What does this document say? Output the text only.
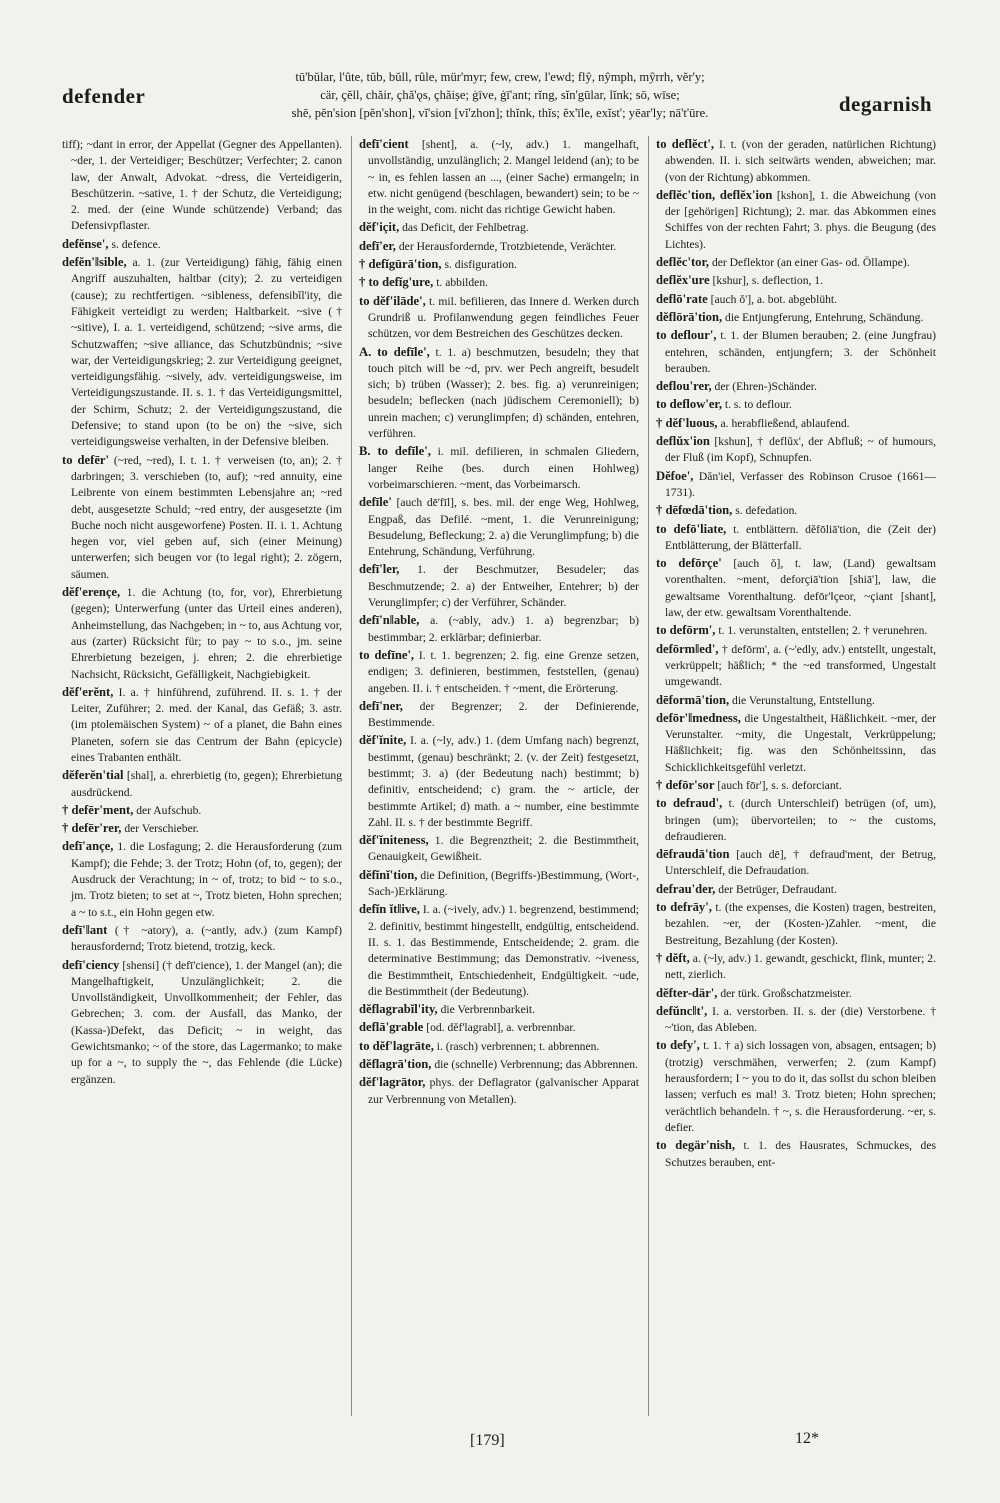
defender
tū'bŭlar, l'ûte, tŭb, bŭll, rûle, mür'myr; few, crew, l'ewd; flŷ, nŷmph, mŷrrh, vĕr'y;
cär, çĕll, chăir, çhă'ǫs, çhăiṣe; ġīve, ġī'ant; rĭng, sĭn'gūlar, lĭnk; sō, wīse;
shē, pĕn'sion [pĕn'shon], vĭ'sion [vĭ'zhon]; thĭnk, thĭs; ĕx'īle, exĭst'; yēar'ly; nā't'ūre.	degarnish

tiff); ~dant in error, der Appellat (Gegner des Appellanten). ~der, 1. der Verteidiger; Beschützer; Verfechter; 2. canon law, der Anwalt, Advokat. ~dress, die Verteidigerin, Beschützerin. ~sative, 1. † der Schutz, die Verteidigung; 2. med. der (eine Wunde schützende) Verband; das Defensivpflaster.

defĕnse', s. defence.

defĕn'‖sible, a. 1. (zur Verteidigung) fähig, fähig einen Angriff auszuhalten, haltbar (city); 2. zu verteidigen (cause); zu rechtfertigen. ~sibleness, defensibĭl'ity, die Fähigkeit verteidigt zu werden; Haltbarkeit. ~sive († ~sitive), I. a. 1. verteidigend, schützend; ~sive arms, die Schutzwaffen; ~sive alliance, das Schutzbündnis; ~sive war, der Verteidigungskrieg; 2. zur Verteidigung geeignet, verteidigungsfähig. ~sively, adv. verteidigungsweise, im Verteidigungszustande. II. s. 1. † das Verteidigungsmittel, der Schirm, Schutz; 2. der Verteidigungszustand, die Defensive; to stand upon (to be on) the ~sive, sich verteidigungsweise verhalten, in der Defensive bleiben.

to defēr' (~red, ~red), I. t. 1. † verweisen (to, an); 2. † darbringen; 3. verschieben (to, auf); ~red annuity, eine Leibrente von einem bestimmten Lebensjahre an; ~red debt, ausgesetzte Schuld; ~red entry, der ausgesetzte (im Buche noch nicht ausgeworfene) Posten. II. i. 1. Achtung hegen vor, viel geben auf, sich (einer Meinung) unterwerfen; sich beugen vor (to legal right); 2. zögern, säumen.

dĕf'erençe, 1. die Achtung (to, for, vor), Ehrerbietung (gegen); Unterwerfung (unter das Urteil eines anderen), Anheimstellung, das Nachgeben; in ~ to, aus Achtung vor, aus (zarter) Rücksicht für; to pay ~ to s.o., jm. seine Ehrerbietung bezeigen, j. ehren; 2. die ehrerbietige Nachsicht, Rücksicht, Gefälligkeit, Nachgiebigkeit.

dĕf'erĕnt, I. a. † hinführend, zuführend. II. s. 1. † der Leiter, Zuführer; 2. med. der Kanal, das Gefäß; 3. astr. (im ptolemäischen System) ~ of a planet, die Bahn eines Planeten, sofern sie das Centrum der Bahn (epicycle) eines Trabanten enthält.

dĕferĕn'tial [shal], a. ehrerbietig (to, gegen); Ehrerbietung ausdrückend.

† defēr'ment, der Aufschub.

† defēr'rer, der Verschieber.

defī'ançe, 1. die Losfagung; 2. die Herausforderung (zum Kampf); die Fehde; 3. der Trotz; Hohn (of, to, gegen); der Ausdruck der Verachtung; in ~ of, trotz; to bid ~ to s.o., jm. Trotz bieten; to set at ~, Trotz bieten, Hohn sprechen; a ~ to s.t., ein Hohn gegen etw.

defī'‖ant († ~atory), a. (~antly, adv.) (zum Kampf) herausfordernd; Trotz bietend, trotzig, keck.

defī'ciency [shensi] († defī'cience), 1. der Mangel (an); die Mangelhaftigkeit, Unzulänglichkeit; 2. die Unvollständigkeit, Unvollkommenheit; der Fehler, das Gebrechen; 3. com. der Ausfall, das Manko, der (Kassa-)Defekt, das Deficit; ~ in weight, das Gewichtsmanko; ~ of the store, das Lagermanko; to make up for a ~, to supply the ~, das Fehlende (die Lücke) ergänzen.

defī'cient [shent], a. (~ly, adv.) 1. mangelhaft, unvollständig, unzulänglich; 2. Mangel leidend (an); to be ~ in, es fehlen lassen an ..., (einer Sache) ermangeln; in etw. nicht genügend (beschlagen, bewandert) sein; to be ~ in the weight, com. nicht das richtige Gewicht haben.

dĕf'içit, das Deficit, der Fehlbetrag.

defī'er, der Herausfordernde, Trotzbietende, Verächter.

† defĭgūrā'tion, s. disfiguration.

† to defĭg'ure, t. abbilden.

to dĕf'ilāde', t. mil. befilieren, das Innere d. Werken durch Grundriß u. Profilanwendung gegen feindliches Feuer schützen, vor dem Bestreichen des Geschützes decken.

A. to defīle', t. 1. a) beschmutzen, besudeln; they that touch pitch will be ~d, prv. wer Pech angreift, besudelt sich; b) trüben (Wasser); 2. bes. fig. a) verunreinigen; besudeln; beflecken (nach jüdischem Ceremoniell); b) unrein machen; c) verunglimpfen; d) schänden, entehren, verführen.

B. to defīle', i. mil. defilieren, in schmalen Gliedern, langer Reihe (bes. durch einen Hohlweg) vorbeimarschieren. ~ment, das Vorbeimarsch.

defīle' [auch dē'fīl], s. bes. mil. der enge Weg, Hohlweg, Engpaß, das Defilé. ~ment, 1. die Verunreinigung; Besudelung, Befleckung; 2. a) die Verunglimpfung; b) die Entehrung, Schändung, Verführung.

defī'ler, 1. der Beschmutzer, Besudeler; das Beschmutzende; 2. a) der Entweiher, Entehrer; b) der Verunglimpfer; c) der Verführer, Schänder.

defī'n‖able, a. (~ably, adv.) 1. a) begrenzbar; b) bestimmbar; 2. erklärbar; definierbar.

to defīne', I. t. 1. begrenzen; 2. fig. eine Grenze setzen, endigen; 3. definieren, bestimmen, feststellen, (genau) angeben. II. i. † entscheiden. † ~ment, die Erörterung.

defī'ner, der Begrenzer; 2. der Definierende, Bestimmende.

dĕf'ĭnite, I. a. (~ly, adv.) 1. (dem Umfang nach) begrenzt, bestimmt, (genau) beschränkt; 2. (v. der Zeit) festgesetzt, bestimmt; 3. a) (der Bedeutung nach) bestimmt; b) definitiv, entscheidend; c) gram. the ~ article, der bestimmte Artikel; d) math. a ~ number, eine bestimmte Zahl. II. s. † der bestimmte Begriff.

dĕf'ĭniteness, 1. die Begrenztheit; 2. die Bestimmtheit, Genauigkeit, Gewißheit.

dĕfĭnĭ'tion, die Definition, (Begriffs-)Bestimmung, (Wort-, Sach-)Erklärung.

defĭn ĭt‖ive, I. a. (~ively, adv.) 1. begrenzend, bestimmend; 2. definitiv, bestimmt hingestellt, endgültig, entscheidend. II. s. 1. das Bestimmende, Entscheidende; 2. gram. die determinative Bestimmung; das Demonstrativ. ~iveness, die Bestimmtheit, Entschiedenheit, Endgültigkeit. ~ude, die Bestimmtheit (der Bedeutung).

dĕflagrabĭl'ity, die Verbrennbarkeit.

deflā'grable [od. dĕf'lagrabl], a. verbrennbar.

to dĕf'lagrāte, i. (rasch) verbrennen; t. abbrennen.

dĕflagrā'tion, die (schnelle) Verbrennung; das Abbrennen.

dĕf'lagrātor, phys. der Deflagrator (galvanischer Apparat zur Verbrennung von Metallen).

to deflĕct', I. t. (von der geraden, natürlichen Richtung) abwenden. II. i. sich seitwärts wenden, abweichen; mar. (von der Richtung) abkommen.

deflĕc'tion, deflĕx'ion [kshon], 1. die Abweichung (von der [gehörigen] Richtung); 2. mar. das Abkommen eines Schiffes von der rechten Fahrt; 3. phys. die Beugung (des Lichtes).

deflĕc'tor, der Deflektor (an einer Gas- od. Öllampe).

deflĕx'ure [kshur], s. deflection, 1.

deflō'rate [auch ŏ'], a. bot. abgeblüht.

dĕflōrā'tion, die Entjungferung, Entehrung, Schändung.

to deflour', t. 1. der Blumen berauben; 2. (eine Jungfrau) entehren, schänden, entjungfern; 3. der Schönheit berauben.

deflou'rer, der (Ehren-)Schänder.

to deflow'er, t. s. to deflour.

† dĕf'luous, a. herabfließend, ablaufend.

deflŭx'ion [kshun], † deflŭx', der Abfluß; ~ of humours, der Fluß (im Kopf), Schnupfen.

Dĕfoe', Dăn'iel, Verfasser des Robinson Crusoe (1661—1731).

† dēfœdā'tion, s. defedation.

to defō'liate, t. entblättern. dĕfōliā'tion, die (Zeit der) Entblätterung, der Blätterfall.

to defōrçe' [auch ŏ], t. law, (Land) gewaltsam vorenthalten. ~ment, deforçiā'tion [shiā'], law, die gewaltsame Vorenthaltung. defōr'‖çeor, ~çiant [shant], law, der etw. gewaltsam Vorenthaltende.

to defōrm', t. 1. verunstalten, entstellen; 2. † verunehren.

defōrm‖ed', † defōrm', a. (~'edly, adv.) entstellt, ungestalt, verkrüppelt; häßlich; * the ~ed transformed, Ungestalt umgewandt.

dēformā'tion, die Verunstaltung, Entstellung.

defōr'‖medness, die Ungestaltheit, Häßlichkeit. ~mer, der Verunstalter. ~mity, die Ungestalt, Verkrüppelung; Häßlichkeit; fig. was den Schönheitssinn, das Schicklichkeitsgefühl verletzt.

† defōr'sor [auch fōr'], s. s. deforciant.

to defraud', t. (durch Unterschleif) betrügen (of, um), bringen (um); übervorteilen; to ~ the customs, defraudieren.

dēfraudā'tion [auch dē], † defraud'ment, der Betrug, Unterschleif, die Defraudation.

defrau'der, der Betrüger, Defraudant.

to defrāy', t. (the expenses, die Kosten) tragen, bestreiten, bezahlen. ~er, der (Kosten-)Zahler. ~ment, die Bestreitung, Bezahlung (der Kosten).

† dĕft, a. (~ly, adv.) 1. gewandt, geschickt, flink, munter; 2. nett, zierlich.

dĕfter-där', der türk. Großschatzmeister.

defŭnc‖t', I. a. verstorben. II. s. der (die) Verstorbene. † ~'tion, das Ableben.

to defy', t. 1. † a) sich lossagen von, absagen, entsagen; b) (trotzig) verschmähen, verwerfen; 2. (zum Kampf) herausfordern; I ~ you to do it, das sollst du schon bleiben lassen; verfuch es mal! 3. Trotz bieten; Hohn sprechen; verächtlich behandeln. † ~, s. die Herausforderung. ~er, s. defier.

to degär'nish, t. 1. des Hausrates, Schmuckes, des Schutzes berauben, ent-

[179]	12*
